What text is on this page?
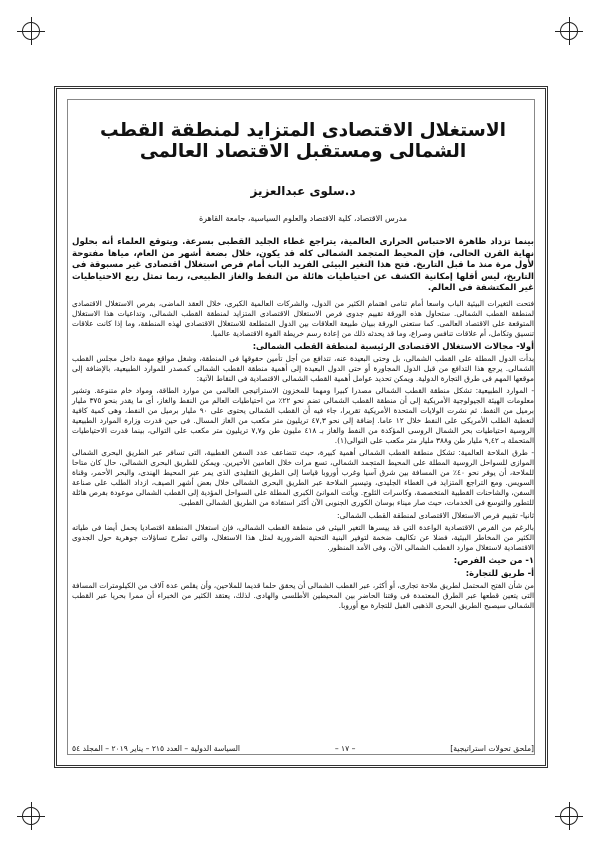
الاستغلال الاقتصادى المتزايد لمنطقة القطب الشمالى ومستقبل الاقتصاد العالمى
د.سلوى عبدالعزيز
مدرس الاقتصاد، كلية الاقتصاد والعلوم السياسية، جامعة القاهرة

بينما تزداد ظاهرة الاحتباس الحرارى العالمية، يتراجع غطاء الجليد القطبى بسرعة. ويتوقع العلماء أنه بحلول نهاية القرن الحالى، فإن المحيط المتجمد الشمالى كله قد يكون، خلال بضعة أشهر من العام، مياها مفتوحة لأول مرة منذ ما قبل التاريخ. فتح هذا التغير البيئى الفريد الباب أمام فرص استغلال اقتصادى غير مسبوقة فى التاريخ، ليس أقلها إمكانية الكشف عن احتياطيات هائلة من النفط والغاز الطبيعى، ربما تمثل ربع الاحتياطيات غير المكتشفة فى العالم.

فتحت التغيرات البيئية الباب واسعا أمام تنامى اهتمام الكثير من الدول، والشركات العالمية الكبرى، خلال العقد الماضى، بفرص الاستغلال الاقتصادى لمنطقة القطب الشمالى. ستحاول هذه الورقة تقييم جدوى فرص الاستغلال الاقتصادى المتزايد لمنطقة القطب الشمالى، وتداعيات هذا الاستغلال المتوقعة على الاقتصاد العالمى. كما ستعنى الورقة ببيان طبيعة العلاقات بين الدول المتطلعة للاستغلال الاقتصادى لهذه المنطقة، وما إذا كانت علاقات تنسيق وتكامل، أم علاقات تنافس وصراع، وما قد يحدثه ذلك من إعادة رسم خريطة القوة الاقتصادية عالميا.

أولا- مجالات الاستغلال الاقتصادى الرئيسية لمنطقة القطب الشمالى:

بدأت الدول المطلة على القطب الشمالى، بل وحتى البعيدة عنه، تتدافع من أجل تأمين حقوقها فى المنطقة، وشغل مواقع مهمة داخل مجلس القطب الشمالى. يرجع هذا التدافع من قبل الدول المجاورة أو حتى الدول البعيدة إلى أهمية منطقة القطب الشمالى كمصدر للموارد الطبيعية، بالإضافة إلى موقعها المهم فى طرق التجارة الدولية. ويمكن تحديد عوامل أهمية القطب الشمالى الاقتصادية فى النقاط الآتية:

- الموارد الطبيعية: تشكل منطقة القطب الشمالى مصدرا كبيرا ومهما للمخزون الاستراتيجى العالمى من موارد الطاقة، ومواد خام متنوعة. وتشير معلومات الهيئة الجيولوجية الأمريكية إلى أن منطقة القطب الشمالى تضم نحو ٢٢٪ من احتياطيات العالم من النفط والغاز، أى ما يقدر بنحو ٣٧٥ مليار برميل من النفط. ثم نشرت الولايات المتحدة الأمريكية تقريرا، جاء فيه أن القطب الشمالى يحتوى على ٩٠ مليار برميل من النفط، وهى كمية كافية لتغطية الطلب الأمريكى على النفط خلال ١٢ عاما. إضافة إلى نحو ٤٧,٣ تريليون متر مكعب من الغاز المسال. فى حين قدرت وزارة الموارد الطبيعية الروسية احتياطيات بحر الشمال الروسى المؤكدة من النفط والغاز بـ ٤١٨ مليون طن و٧,٧ تريليون متر مكعب على التوالى، بينما قدرت الاحتياطيات المتحملة بـ ٩,٤٢ مليار طن و٣٨٨ مليار متر مكعب على التوالى(١).

- طرق الملاحة العالمية: تشكل منطقة القطب الشمالى أهمية كبيرة، حيث تتضاعف عدد السفن القطبية، التى تسافر عبر الطريق البحرى الشمالى الموازى للسواحل الروسية المطلة على المحيط المتجمد الشمالى، تسع مرات خلال العامين الأخيرين. ويمكن للطريق البحرى الشمالى، حال كان متاحا للملاحة، أن يوفر نحو ٤٠٪ من المسافة بين شرق آسيا وغرب أوروبا قياسا إلى الطريق التقليدى الذى يمر عبر المحيط الهندى، والبحر الأحمر، وقناة السويس. ومع التراجع المتزايد فى الغطاء الجليدى، وتيسير الملاحة عبر الطريق البحرى الشمالى خلال بعض أشهر الصيف، ازداد الطلب على صناعة السفن، والشاحنات القطبية المتخصصة، وكاسرات الثلوج. ويأتت الموانئ الكبرى المطلة على السواحل المؤدية إلى القطب الشمالى موعودة بفرص هائلة للتطور والتوسع فى الخدمات، حيث صار ميناء بوسان الكورى الجنوبى الآن أكثر استفادة من الطريق الشمالى القطبى.

ثانيا- تقييم فرص الاستغلال الاقتصادى لمنطقة القطب الشمالى:

بالرغم من الفرص الاقتصادية الواعدة التى قد ييسرها التغير البيئى فى منطقة القطب الشمالى، فإن استغلال المنطقة اقتصاديا يحمل أيضا فى طياته الكثير من المخاطر البيئية، فضلا عن تكاليف ضخمة لتوفير البنية التحتية الضرورية لمثل هذا الاستغلال، والتى تطرح تساؤلات جوهرية حول الجدوى الاقتصادية لاستغلال موارد القطب الشمالى الآن، وفى الأمد المنظور.

١- من حيث الفرص:
أ- طريق للتجارة:

من شأن الفتح المحتمل لطريق ملاحة تجارى، أو أكثر، عبر القطب الشمالى أن يحقق حلما قديما للملاحين، وأن يقلص عدة آلاف من الكيلومترات المسافة التى يتعين قطعها عبر الطرق المعتمدة فى وقتنا الحاضر بين المحيطين الأطلسى والهادى. لذلك، يعتقد الكثير من الخبراء أن ممرا بحريا عبر القطب الشمالى سيصبح الطريق البحرى الذهبى القبل للتجارة مع أوروبا.

[ملحق تحولات استراتيجية]
– ١٧ –
السياسة الدولية – العدد ٢١٥ – يناير ٢٠١٩ – المجلد ٥٤
